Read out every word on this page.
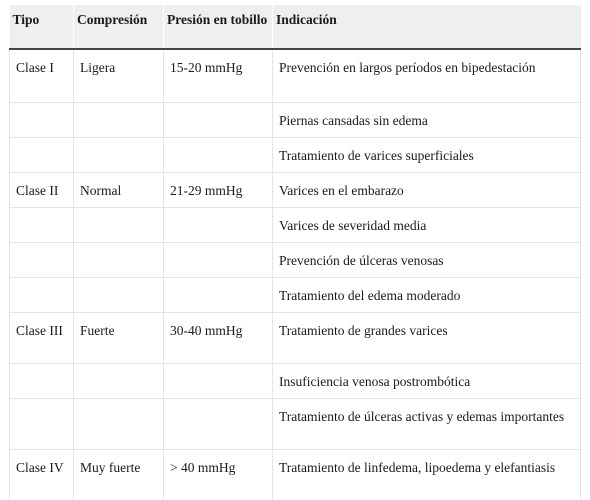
Tipo	Compresión	Presión en tobillo	Indicación
Clase I	Ligera	15-20 mmHg	Prevención en largos períodos en bipedestación
			Piernas cansadas sin edema
			Tratamiento de varices superficiales
Clase II	Normal	21-29 mmHg	Varices en el embarazo
			Varices de severidad media
			Prevención de úlceras venosas
			Tratamiento del edema moderado
Clase III	Fuerte	30-40 mmHg	Tratamiento de grandes varices
			Insuficiencia venosa postrombótica
			Tratamiento de úlceras activas y edemas importantes
Clase IV	Muy fuerte	> 40 mmHg	Tratamiento de linfedema, lipoedema y elefantiasis
